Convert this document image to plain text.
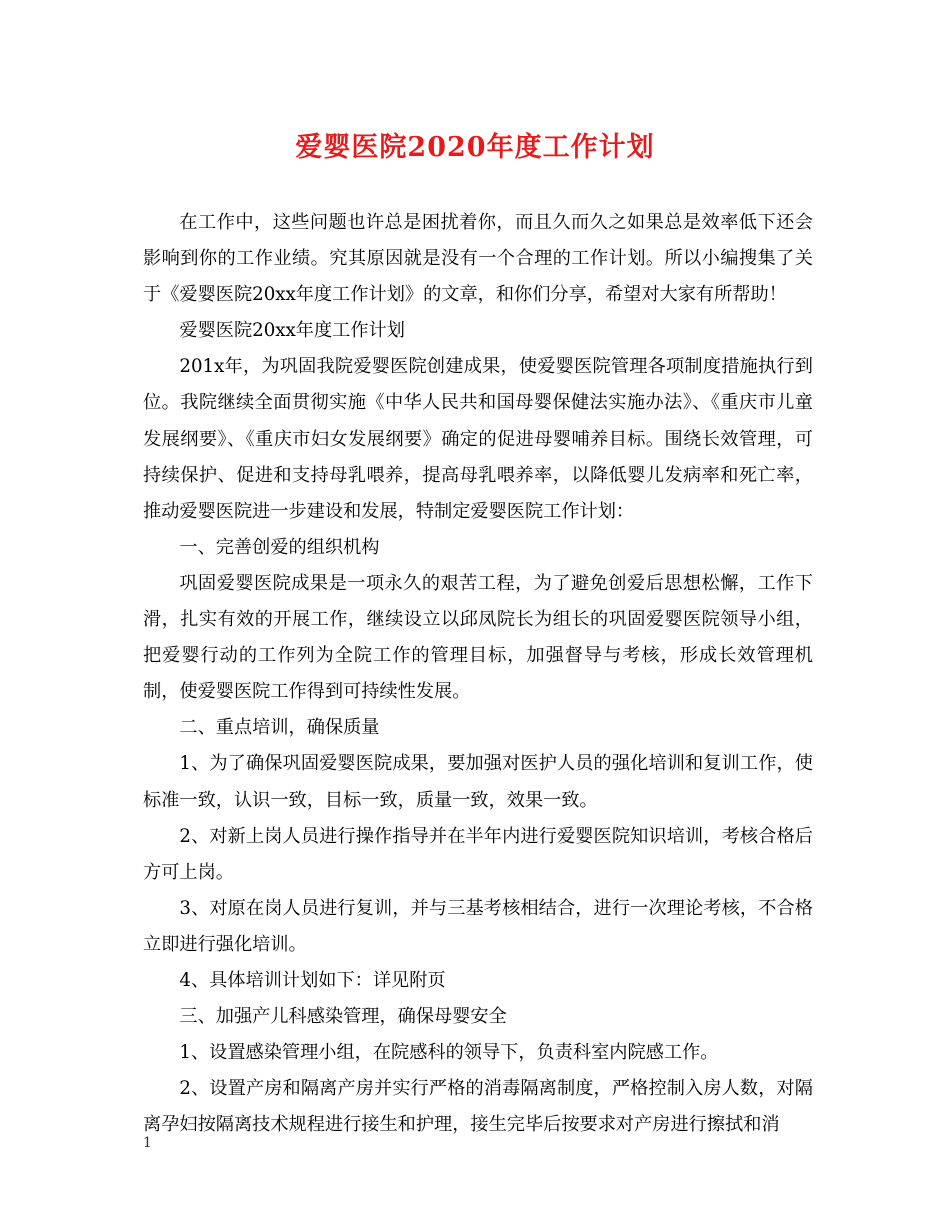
爱婴医院2020年度工作计划

在工作中，这些问题也许总是困扰着你，而且久而久之如果总是效率低下还会影响到你的工作业绩。究其原因就是没有一个合理的工作计划。所以小编搜集了关于《爱婴医院20xx年度工作计划》的文章，和你们分享，希望对大家有所帮助！

爱婴医院20xx年度工作计划

201x年，为巩固我院爱婴医院创建成果，使爱婴医院管理各项制度措施执行到位。我院继续全面贯彻实施《中华人民共和国母婴保健法实施办法》、《重庆市儿童发展纲要》、《重庆市妇女发展纲要》确定的促进母婴哺养目标。围绕长效管理，可持续保护、促进和支持母乳喂养，提高母乳喂养率，以降低婴儿发病率和死亡率，推动爱婴医院进一步建设和发展，特制定爱婴医院工作计划：

一、完善创爱的组织机构

巩固爱婴医院成果是一项永久的艰苦工程，为了避免创爱后思想松懈，工作下滑，扎实有效的开展工作，继续设立以邱凤院长为组长的巩固爱婴医院领导小组，把爱婴行动的工作列为全院工作的管理目标，加强督导与考核，形成长效管理机制，使爱婴医院工作得到可持续性发展。

二、重点培训，确保质量

1、为了确保巩固爱婴医院成果，要加强对医护人员的强化培训和复训工作，使标准一致，认识一致，目标一致，质量一致，效果一致。

2、对新上岗人员进行操作指导并在半年内进行爱婴医院知识培训，考核合格后方可上岗。

3、对原在岗人员进行复训，并与三基考核相结合，进行一次理论考核，不合格立即进行强化培训。

4、具体培训计划如下：详见附页

三、加强产儿科感染管理，确保母婴安全

1、设置感染管理小组，在院感科的领导下，负责科室内院感工作。

2、设置产房和隔离产房并实行严格的消毒隔离制度，严格控制入房人数，对隔离孕妇按隔离技术规程进行接生和护理，接生完毕后按要求对产房进行擦拭和消

1
